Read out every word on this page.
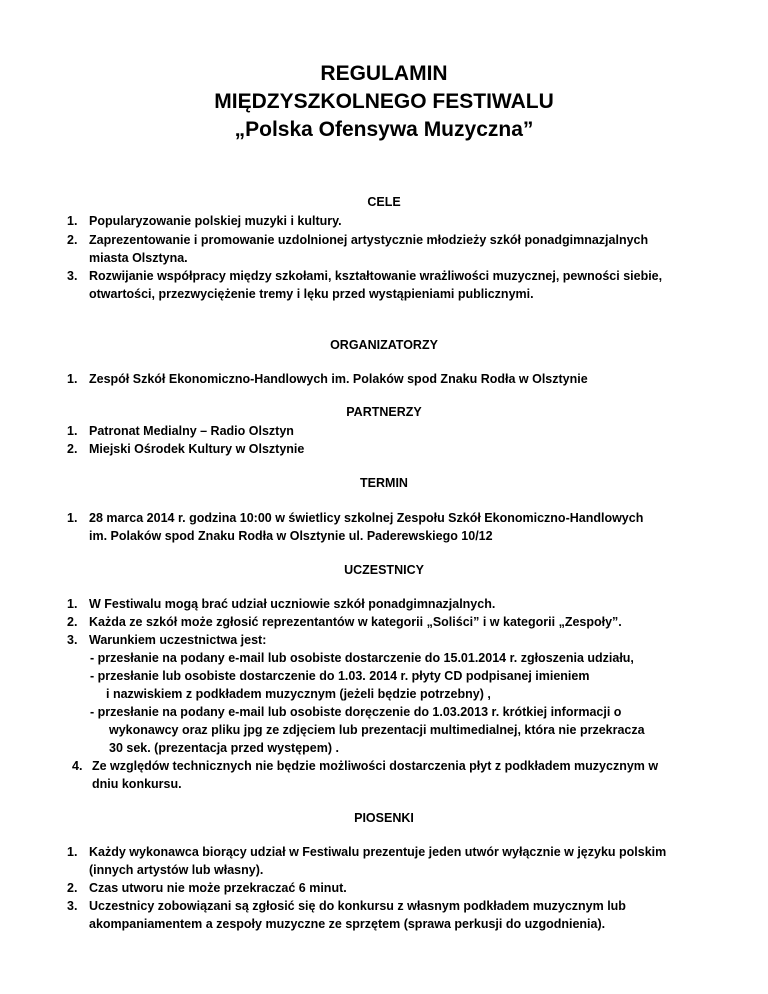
REGULAMIN
MIĘDZYSZKOLNEGO FESTIWALU
„Polska Ofensywa Muzyczna”
CELE
1. Popularyzowanie polskiej muzyki i kultury.
2. Zaprezentowanie i promowanie uzdolnionej artystycznie młodzieży szkół ponadgimnazjalnych
miasta Olsztyna.
3. Rozwijanie współpracy między szkołami, kształtowanie wrażliwości muzycznej, pewności siebie,
otwartości, przezwyciężenie tremy i lęku przed wystąpieniami publicznymi.
ORGANIZATORZY
1. Zespół Szkół Ekonomiczno-Handlowych im. Polaków spod Znaku Rodła w Olsztynie
PARTNERZY
1. Patronat Medialny – Radio Olsztyn
2. Miejski Ośrodek Kultury w Olsztynie
TERMIN
1. 28 marca 2014 r. godzina 10:00 w świetlicy szkolnej Zespołu Szkół Ekonomiczno-Handlowych
im. Polaków spod Znaku Rodła w Olsztynie ul. Paderewskiego 10/12
UCZESTNICY
1. W Festiwalu mogą brać udział uczniowie szkół ponadgimnazjalnych.
2. Każda ze szkół może zgłosić reprezentantów w kategorii „Soliści” i w kategorii „Zespoły”.
3. Warunkiem uczestnictwa jest:
- przesłanie na podany e-mail lub osobiste dostarczenie do 15.01.2014 r. zgłoszenia udziału,
- przesłanie lub osobiste dostarczenie do 1.03. 2014 r. płyty CD podpisanej imieniem
i nazwiskiem z podkładem muzycznym (jeżeli będzie potrzebny) ,
- przesłanie na podany e-mail lub osobiste doręczenie do 1.03.2013 r. krótkiej informacji o
wykonawcy oraz pliku jpg ze zdjęciem lub prezentacji multimedialnej, która nie przekracza
30 sek. (prezentacja przed występem) .
4. Ze względów technicznych nie będzie możliwości dostarczenia płyt z podkładem muzycznym w
dniu konkursu.
PIOSENKI
1. Każdy wykonawca biorący udział w Festiwalu prezentuje jeden utwór wyłącznie w języku polskim
(innych artystów lub własny).
2. Czas utworu nie może przekraczać 6 minut.
3. Uczestnicy zobowiązani są zgłosić się do konkursu z własnym podkładem muzycznym lub
akompaniamentem a zespoły muzyczne ze sprzętem (sprawa perkusji do uzgodnienia).
